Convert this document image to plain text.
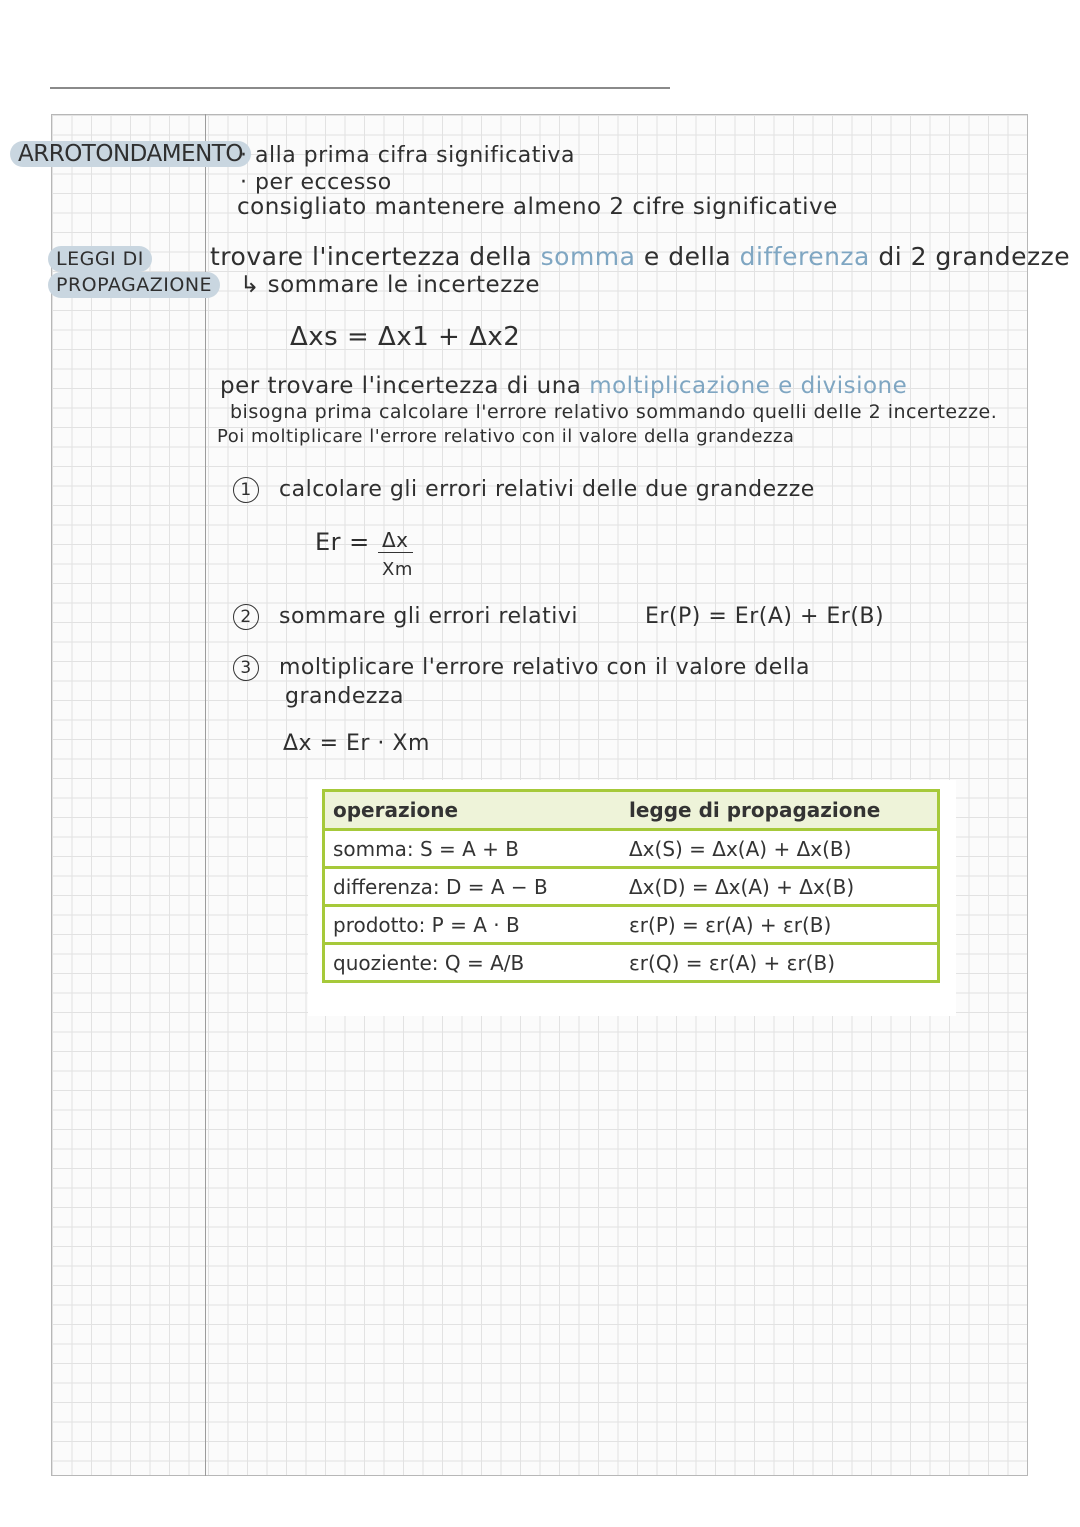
ARROTONDAMENTO
LEGGI DI
PROPAGAZIONE
· alla prima cifra significativa
· per eccesso
consigliato mantenere almeno 2 cifre significative
trovare l'incertezza della somma e della differenza di 2 grandezze
↳ sommare le incertezze
Δxs = Δx1 + Δx2
per trovare l'incertezza di una moltiplicazione e divisione
bisogna prima calcolare l'errore relativo sommando quelli delle 2 incertezze.
Poi moltiplicare l'errore relativo con il valore della grandezza
1 calcolare gli errori relativi delle due grandezze
Er = Δx
Xm
2 sommare gli errori relativi	Er(P) = Er(A) + Er(B)
3 moltiplicare l'errore relativo con il valore della
grandezza
Δx = Er · Xm
operazione	legge di propagazione
somma: S = A + B	Δx(S) = Δx(A) + Δx(B)
differenza: D = A − B	Δx(D) = Δx(A) + Δx(B)
prodotto: P = A · B	εr(P) = εr(A) + εr(B)
quoziente: Q = A/B	εr(Q) = εr(A) + εr(B)
